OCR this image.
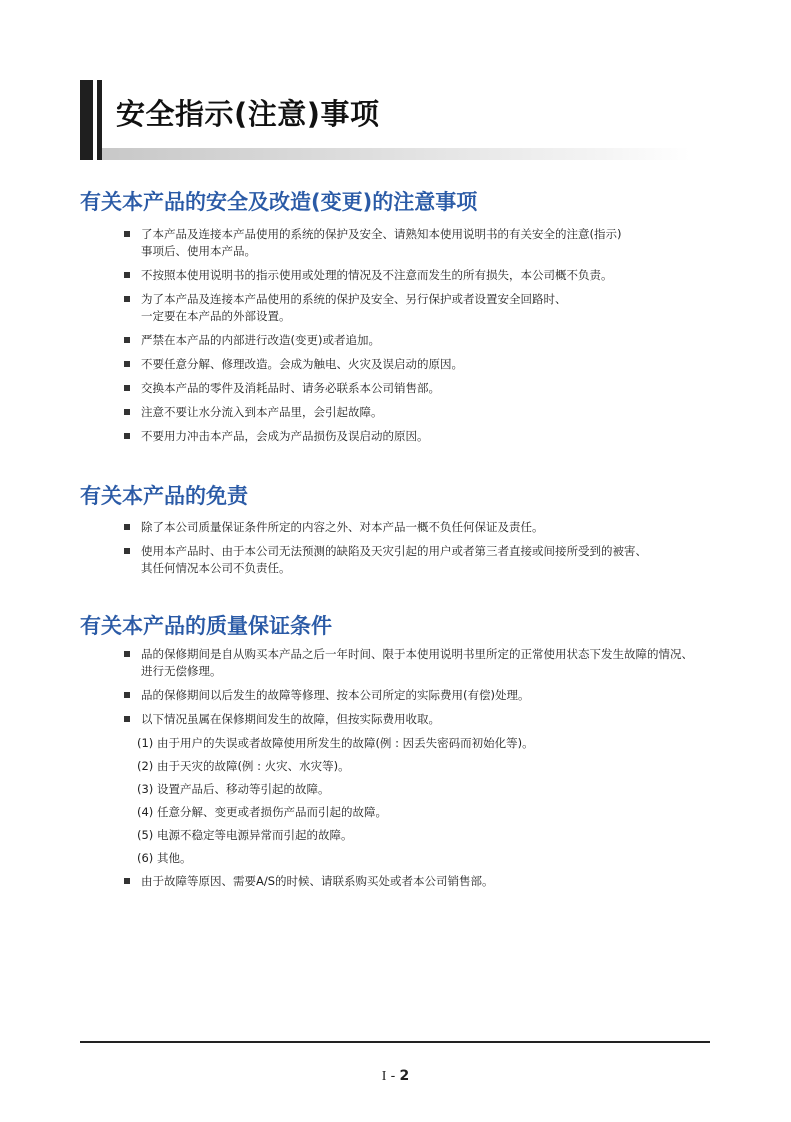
安全指示(注意)事项
有关本产品的安全及改造(变更)的注意事项
了本产品及连接本产品使用的系统的保护及安全、请熟知本使用说明书的有关安全的注意(指示)
事项后、使用本产品。
不按照本使用说明书的指示使用或处理的情况及不注意而发生的所有损失，本公司概不负责。
为了本产品及连接本产品使用的系统的保护及安全、另行保护或者设置安全回路时、
一定要在本产品的外部设置。
严禁在本产品的内部进行改造(变更)或者追加。
不要任意分解、修理改造。会成为触电、火灾及误启动的原因。
交换本产品的零件及消耗品时、请务必联系本公司销售部。
注意不要让水分流入到本产品里，会引起故障。
不要用力冲击本产品，会成为产品损伤及误启动的原因。
有关本产品的免责
除了本公司质量保证条件所定的内容之外、对本产品一概不负任何保证及责任。
使用本产品时、由于本公司无法预测的缺陷及天灾引起的用户或者第三者直接或间接所受到的被害、
其任何情况本公司不负责任。
有关本产品的质量保证条件
品的保修期间是自从购买本产品之后一年时间、限于本使用说明书里所定的正常使用状态下发生故障的情况、
进行无偿修理。
品的保修期间以后发生的故障等修理、按本公司所定的实际费用(有偿)处理。
以下情况虽属在保修期间发生的故障，但按实际费用收取。
(1) 由于用户的失误或者故障使用所发生的故障(例 : 因丢失密码而初始化等)。
(2) 由于天灾的故障(例 : 火灾、水灾等)。
(3) 设置产品后、移动等引起的故障。
(4) 任意分解、变更或者损伤产品而引起的故障。
(5) 电源不稳定等电源异常而引起的故障。
(6) 其他。
由于故障等原因、需要A/S的时候、请联系购买处或者本公司销售部。
I - 2
